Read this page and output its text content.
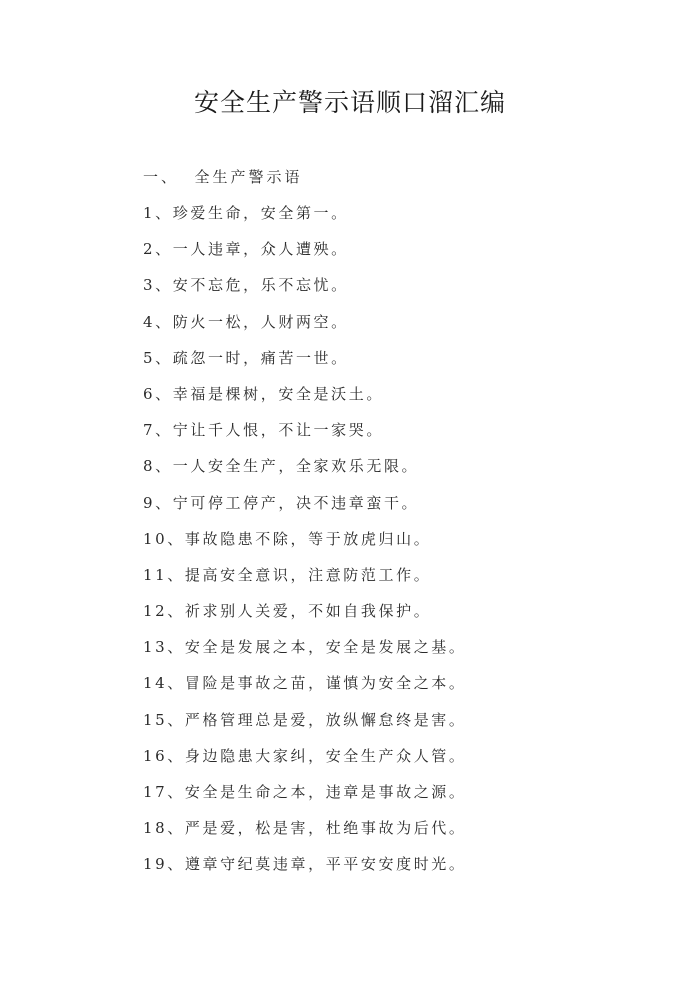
安全生产警示语顺口溜汇编
一、  全生产警示语
1、珍爱生命，安全第一。
2、一人违章，众人遭殃。
3、安不忘危，乐不忘忧。
4、防火一松，人财两空。
5、疏忽一时，痛苦一世。
6、幸福是棵树，安全是沃土。
7、宁让千人恨，不让一家哭。
8、一人安全生产，全家欢乐无限。
9、宁可停工停产，决不违章蛮干。
10、事故隐患不除，等于放虎归山。
11、提高安全意识，注意防范工作。
12、祈求别人关爱，不如自我保护。
13、安全是发展之本，安全是发展之基。
14、冒险是事故之苗，谨慎为安全之本。
15、严格管理总是爱，放纵懈怠终是害。
16、身边隐患大家纠，安全生产众人管。
17、安全是生命之本，违章是事故之源。
18、严是爱，松是害，杜绝事故为后代。
19、遵章守纪莫违章，平平安安度时光。
